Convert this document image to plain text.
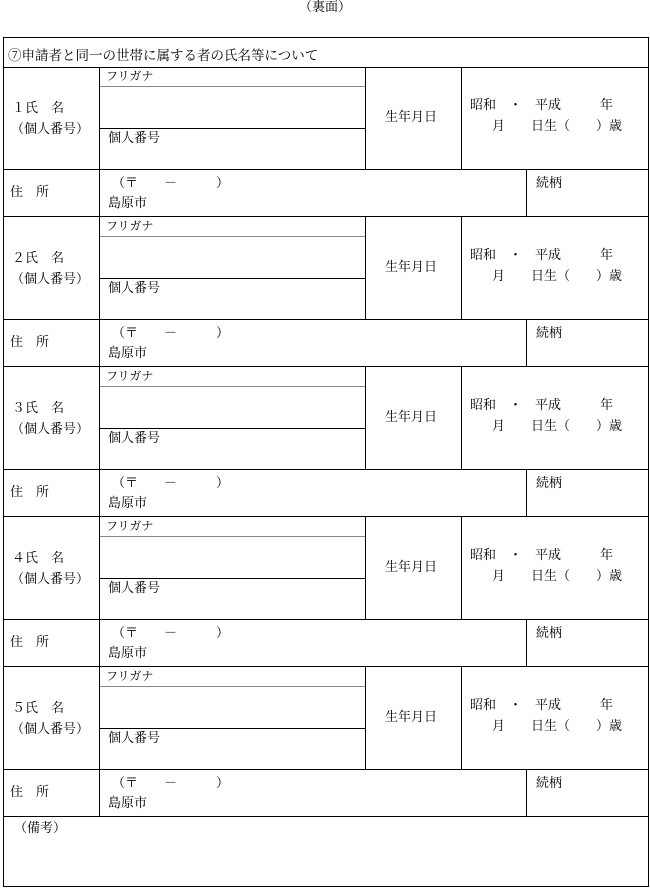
（裏面）
⑦申請者と同一の世帯に属する者の氏名等について
１氏　名
（個人番号）
フリガナ
個人番号
生年月日
昭和　・　平成　　　年
月　　日生（　　）歳
住　所
（〒　　－　　　）
島原市
続柄
２氏　名
（個人番号）
フリガナ
個人番号
生年月日
昭和　・　平成　　　年
月　　日生（　　）歳
住　所
（〒　　－　　　）
島原市
続柄
３氏　名
（個人番号）
フリガナ
個人番号
生年月日
昭和　・　平成　　　年
月　　日生（　　）歳
住　所
（〒　　－　　　）
島原市
続柄
４氏　名
（個人番号）
フリガナ
個人番号
生年月日
昭和　・　平成　　　年
月　　日生（　　）歳
住　所
（〒　　－　　　）
島原市
続柄
５氏　名
（個人番号）
フリガナ
個人番号
生年月日
昭和　・　平成　　　年
月　　日生（　　）歳
住　所
（〒　　－　　　）
島原市
続柄
（備考）
